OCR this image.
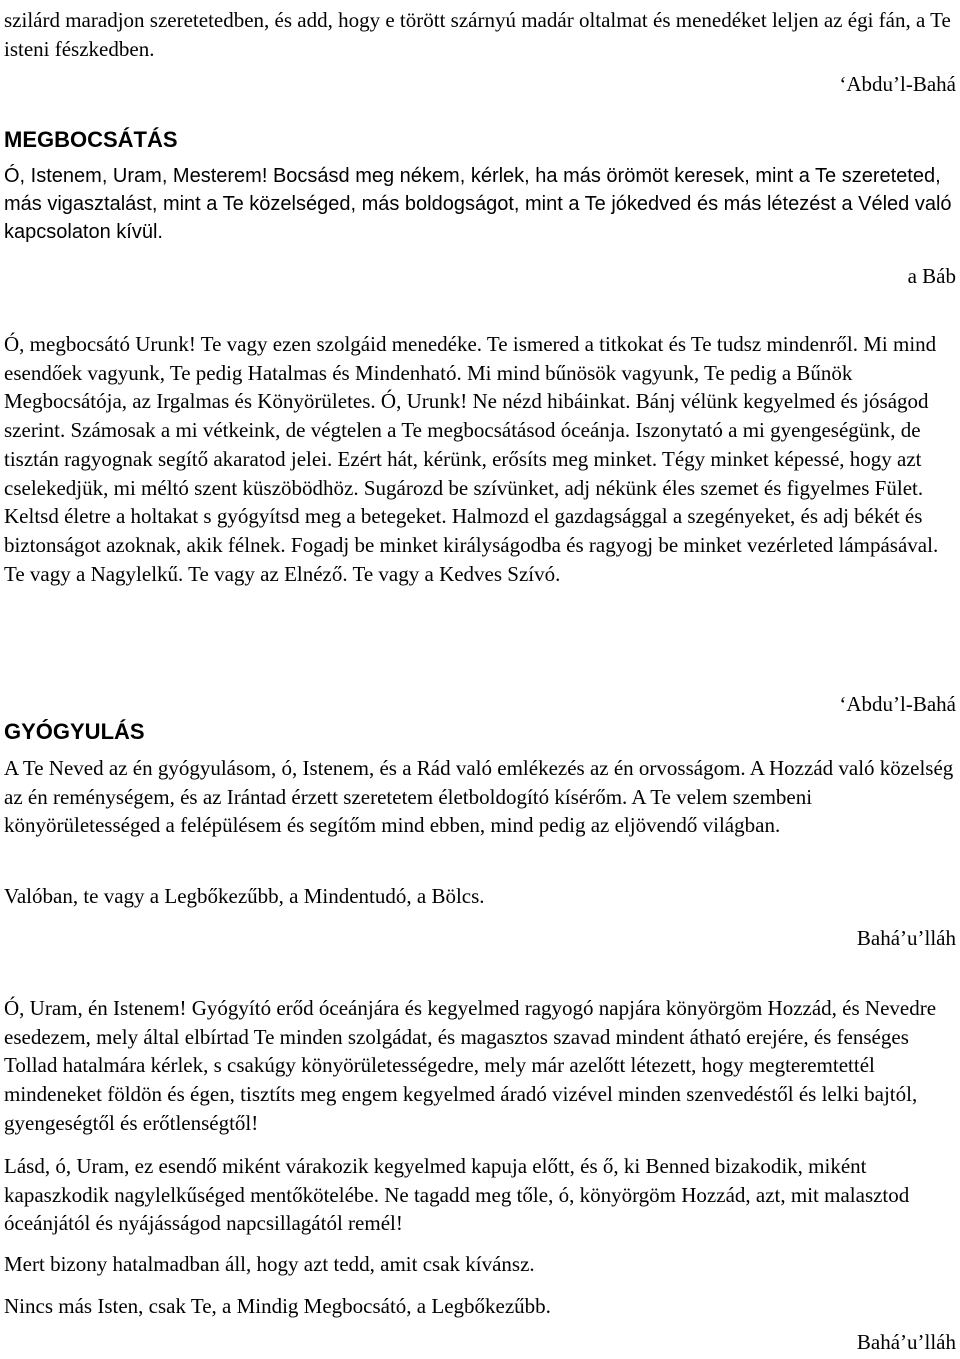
szilárd maradjon szeretetedben, és add, hogy e törött szárnyú madár oltalmat és menedéket leljen az égi fán, a Te isteni fészkedben.

‘Abdu’l-Bahá

MEGBOCSÁTÁS

Ó, Istenem, Uram, Mesterem! Bocsásd meg nékem, kérlek, ha más örömöt keresek, mint a Te szereteted, más vigasztalást, mint a Te közelséged, más boldogságot, mint a Te jókedved és más létezést a Véled való kapcsolaton kívül.

a Báb

Ó, megbocsátó Urunk! Te vagy ezen szolgáid menedéke. Te ismered a titkokat és Te tudsz mindenről. Mi mind esendőek vagyunk, Te pedig Hatalmas és Mindenható. Mi mind bűnösök vagyunk, Te pedig a Bűnök Megbocsátója, az Irgalmas és Könyörületes. Ó, Urunk! Ne nézd hibáinkat. Bánj vélünk kegyelmed és jóságod szerint. Számosak a mi vétkeink, de végtelen a Te megbocsátásod óceánja. Iszonytató a mi gyengeségünk, de tisztán ragyognak segítő akaratod jelei. Ezért hát, kérünk, erősíts meg minket. Tégy minket képessé, hogy azt cselekedjük, mi méltó szent küszöbödhöz. Sugározd be szívünket, adj nékünk éles szemet és figyelmes Fület. Keltsd életre a holtakat s gyógyítsd meg a betegeket. Halmozd el gazdagsággal a szegényeket, és adj békét és biztonságot azoknak, akik félnek. Fogadj be minket királyságodba és ragyogj be minket vezérleted lámpásával. Te vagy a Nagylelkű. Te vagy az Elnéző. Te vagy a Kedves Szívó.

‘Abdu’l-Bahá

GYÓGYULÁS

A Te Neved az én gyógyulásom, ó, Istenem, és a Rád való emlékezés az én orvosságom. A Hozzád való közelség az én reménységem, és az Irántad érzett szeretetem életboldogító kísérőm. A Te velem szembeni könyörületességed a felépülésem és segítőm mind ebben, mind pedig az eljövendő világban.

Valóban, te vagy a Legbőkezűbb, a Mindentudó, a Bölcs.

Bahá’u’lláh

Ó, Uram, én Istenem! Gyógyító erőd óceánjára és kegyelmed ragyogó napjára könyörgöm Hozzád, és Nevedre esedezem, mely által elbírtad Te minden szolgádat, és magasztos szavad mindent átható erejére, és fenséges Tollad hatalmára kérlek, s csakúgy könyörületességedre, mely már azelőtt létezett, hogy megteremtettél mindeneket földön és égen, tisztíts meg engem kegyelmed áradó vizével minden szenvedéstől és lelki bajtól, gyengeségtől és erőtlenségtől!

Lásd, ó, Uram, ez esendő miként várakozik kegyelmed kapuja előtt, és ő, ki Benned bizakodik, miként kapaszkodik nagylelkűséged mentőkötelébe. Ne tagadd meg tőle, ó, könyörgöm Hozzád, azt, mit malasztod óceánjától és nyájásságod napcsillagától remél!

Mert bizony hatalmadban áll, hogy azt tedd, amit csak kívánsz.

Nincs más Isten, csak Te, a Mindig Megbocsátó, a Legbőkezűbb.

Bahá’u’lláh
